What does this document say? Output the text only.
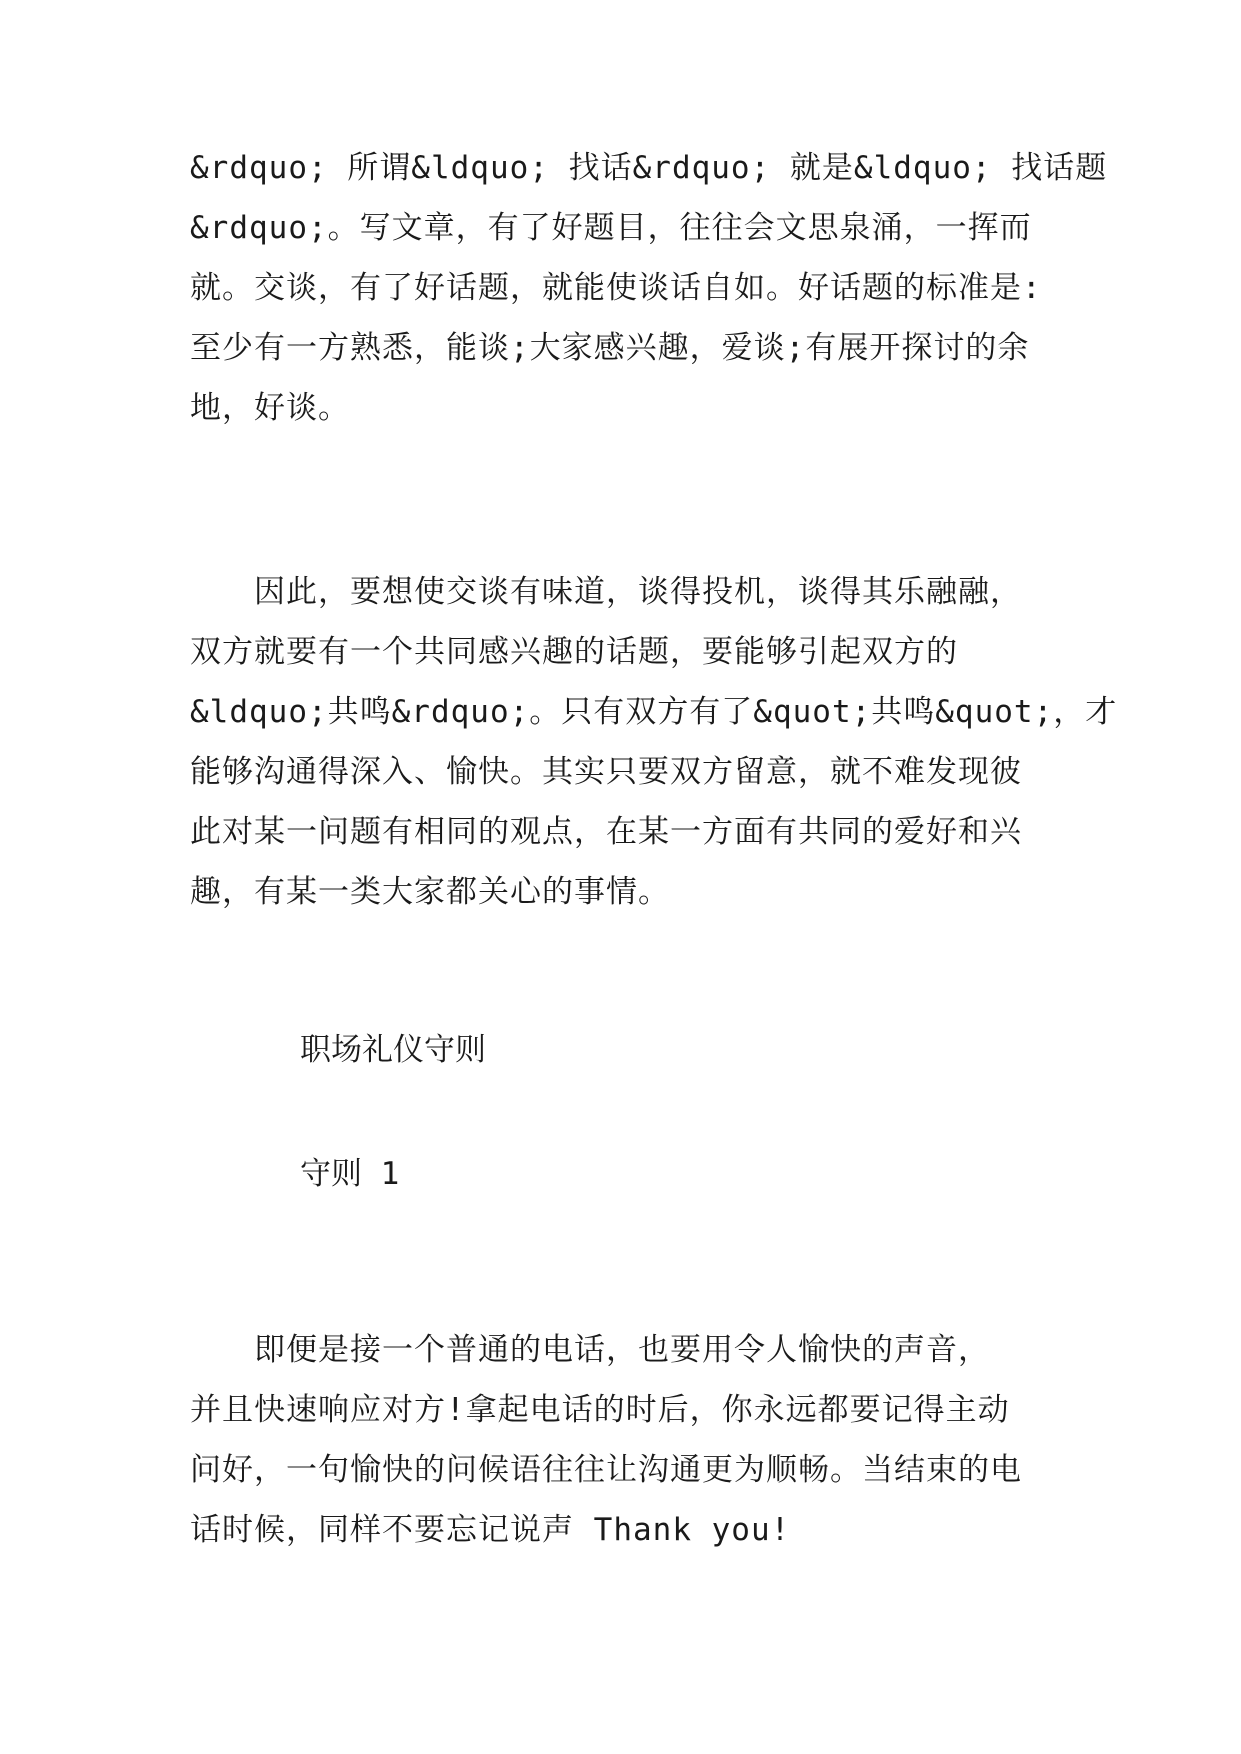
&rdquo; 所谓&ldquo; 找话&rdquo; 就是&ldquo; 找话题

&rdquo;。写文章，有了好题目，往往会文思泉涌，一挥而

就。交谈，有了好话题，就能使谈话自如。好话题的标准是:

至少有一方熟悉，能谈;大家感兴趣，爱谈;有展开探讨的余

地，好谈。

　　因此，要想使交谈有味道，谈得投机，谈得其乐融融，

双方就要有一个共同感兴趣的话题，要能够引起双方的

&ldquo;共鸣&rdquo;。只有双方有了&quot;共鸣&quot;，才

能够沟通得深入、愉快。其实只要双方留意，就不难发现彼

此对某一问题有相同的观点，在某一方面有共同的爱好和兴

趣，有某一类大家都关心的事情。

职场礼仪守则
守则 1

　　即便是接一个普通的电话，也要用令人愉快的声音，

并且快速响应对方!拿起电话的时后，你永远都要记得主动

问好，一句愉快的问候语往往让沟通更为顺畅。当结束的电

话时候，同样不要忘记说声 Thank you!
